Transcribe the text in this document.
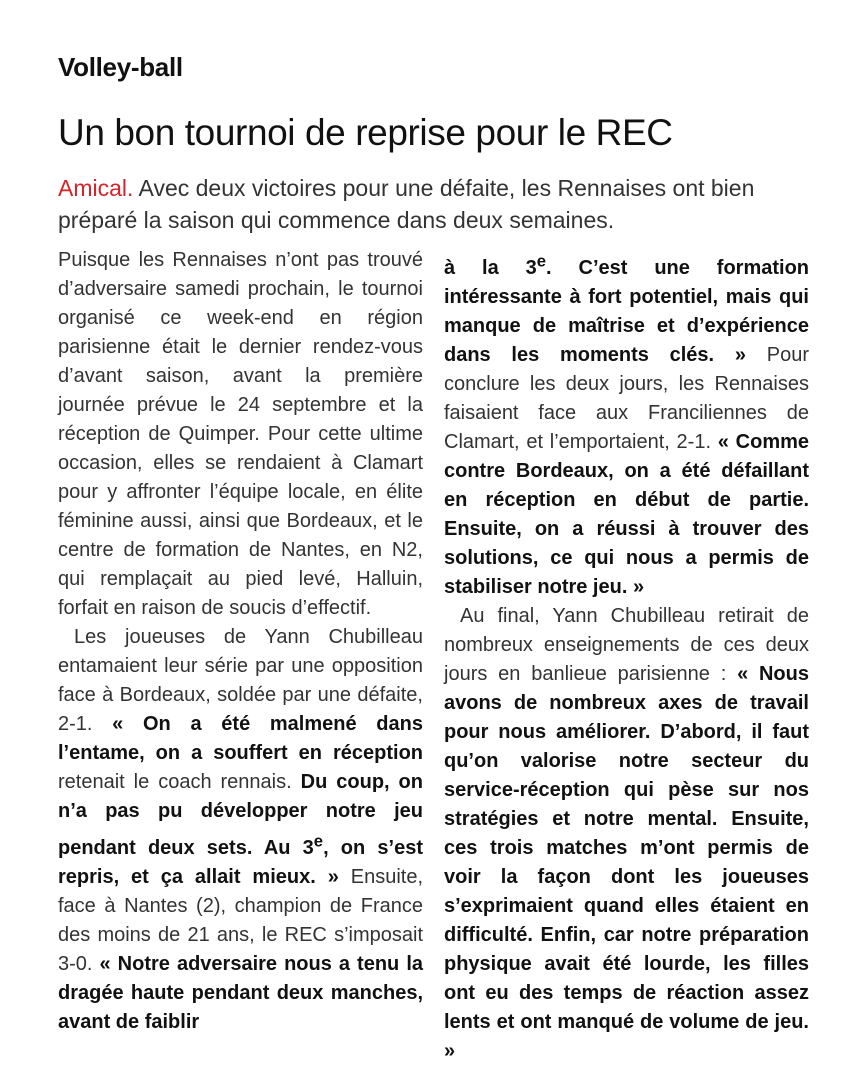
Volley-ball
Un bon tournoi de reprise pour le REC
Amical. Avec deux victoires pour une défaite, les Rennaises ont bien préparé la saison qui commence dans deux semaines.

Puisque les Rennaises n’ont pas trouvé d’adversaire samedi prochain, le tournoi organisé ce week-end en région parisienne était le dernier rendez-vous d’avant saison, avant la première journée prévue le 24 septembre et la réception de Quimper. Pour cette ultime occasion, elles se rendaient à Clamart pour y affronter l’équipe locale, en élite féminine aussi, ainsi que Bordeaux, et le centre de formation de Nantes, en N2, qui remplaçait au pied levé, Halluin, forfait en raison de soucis d’effectif.

Les joueuses de Yann Chubilleau entamaient leur série par une opposition face à Bordeaux, soldée par une défaite, 2-1. « On a été malmené dans l’entame, on a souffert en réception retenait le coach rennais. Du coup, on n’a pas pu développer notre jeu pendant deux sets. Au 3e, on s’est repris, et ça allait mieux. » Ensuite, face à Nantes (2), champion de France des moins de 21 ans, le REC s’imposait 3-0. « Notre adversaire nous a tenu la dragée haute pendant deux manches, avant de faiblir

à la 3e. C’est une formation intéressante à fort potentiel, mais qui manque de maîtrise et d’expérience dans les moments clés. » Pour conclure les deux jours, les Rennaises faisaient face aux Franciliennes de Clamart, et l’emportaient, 2-1. « Comme contre Bordeaux, on a été défaillant en réception en début de partie. Ensuite, on a réussi à trouver des solutions, ce qui nous a permis de stabiliser notre jeu. »

Au final, Yann Chubilleau retirait de nombreux enseignements de ces deux jours en banlieue parisienne : « Nous avons de nombreux axes de travail pour nous améliorer. D’abord, il faut qu’on valorise notre secteur du service-réception qui pèse sur nos stratégies et notre mental. Ensuite, ces trois matches m’ont permis de voir la façon dont les joueuses s’exprimaient quand elles étaient en difficulté. Enfin, car notre préparation physique avait été lourde, les filles ont eu des temps de réaction assez lents et ont manqué de volume de jeu. »
